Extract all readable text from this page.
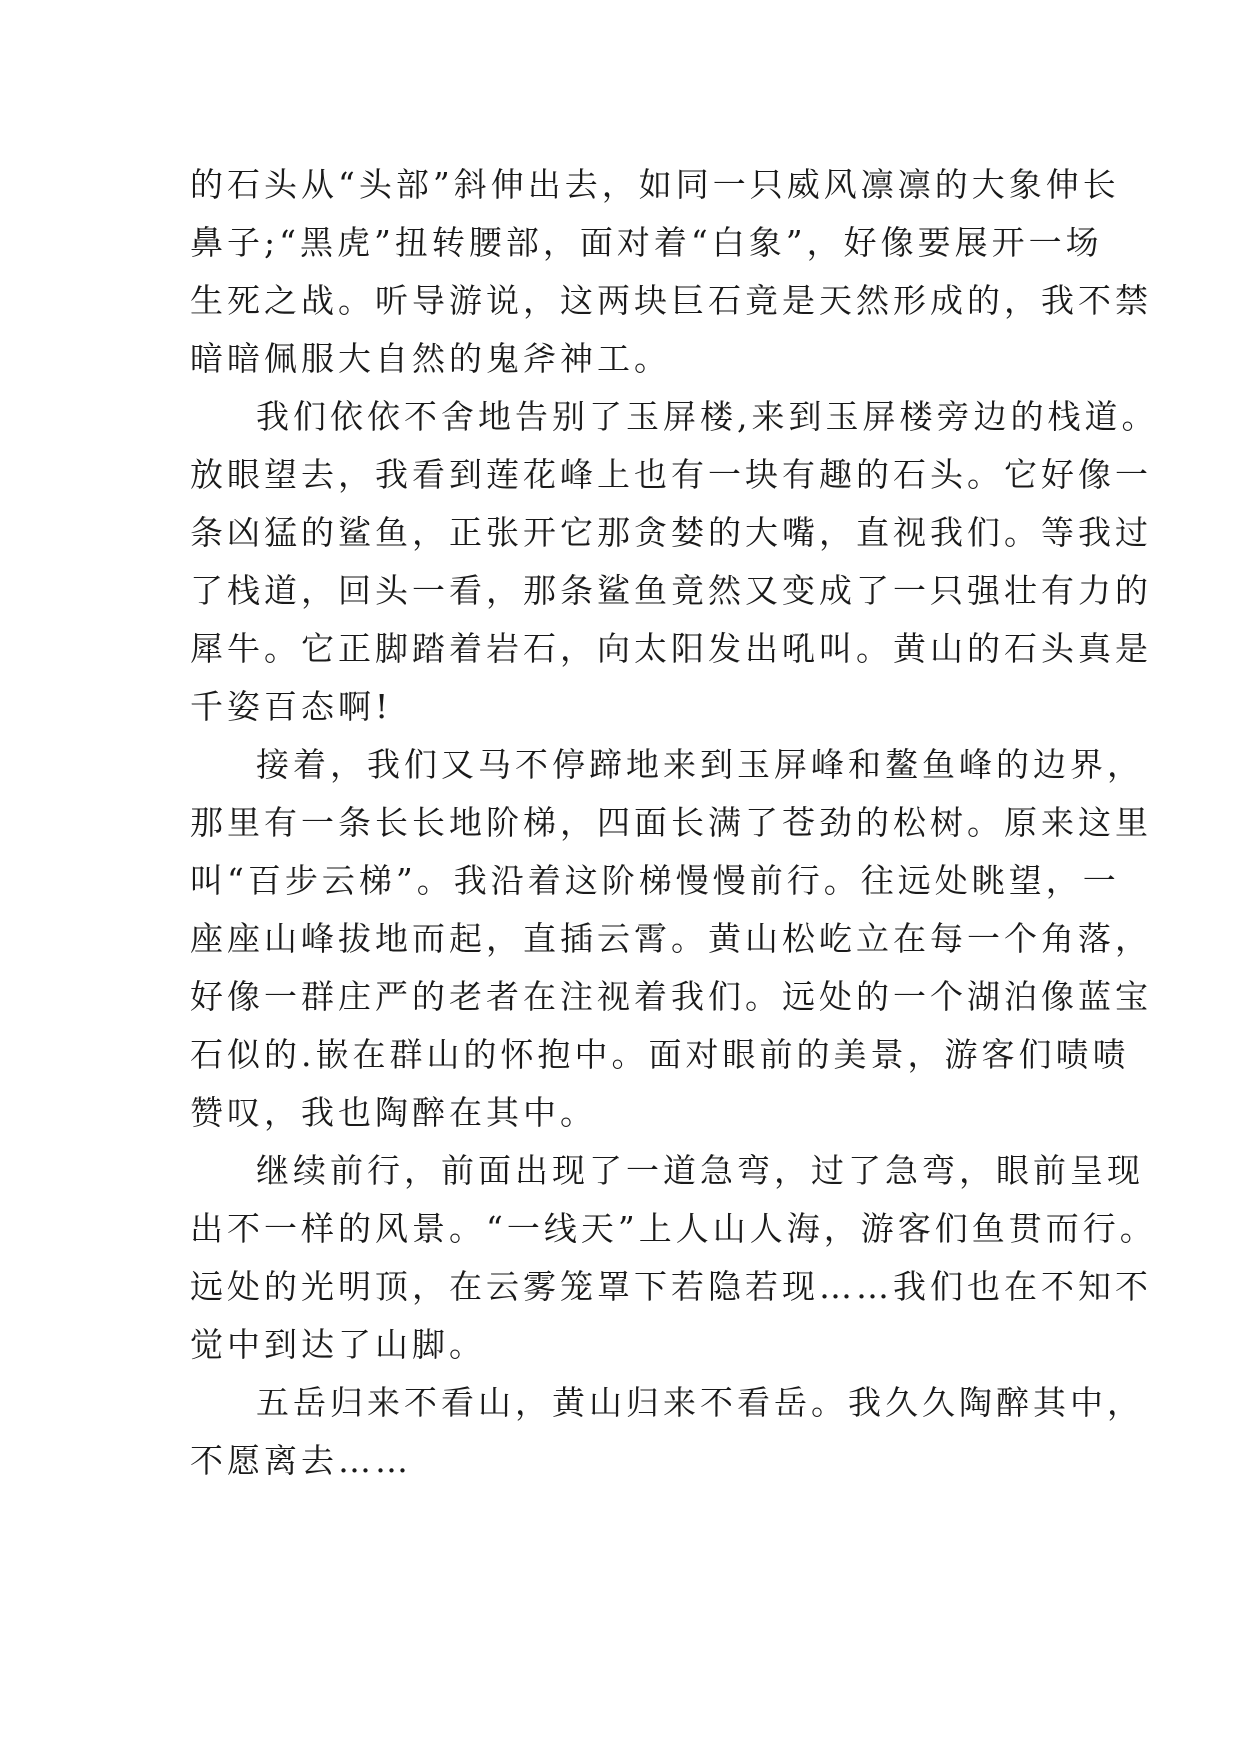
的石头从“头部”斜伸出去，如同一只威风凛凛的大象伸长
鼻子;“黑虎”扭转腰部，面对着“白象”，好像要展开一场
生死之战。听导游说，这两块巨石竟是天然形成的，我不禁
暗暗佩服大自然的鬼斧神工。
我们依依不舍地告别了玉屏楼,来到玉屏楼旁边的栈道。
放眼望去，我看到莲花峰上也有一块有趣的石头。它好像一
条凶猛的鲨鱼，正张开它那贪婪的大嘴，直视我们。等我过
了栈道，回头一看，那条鲨鱼竟然又变成了一只强壮有力的
犀牛。它正脚踏着岩石，向太阳发出吼叫。黄山的石头真是
千姿百态啊!
接着，我们又马不停蹄地来到玉屏峰和鳌鱼峰的边界，
那里有一条长长地阶梯，四面长满了苍劲的松树。原来这里
叫“百步云梯”。我沿着这阶梯慢慢前行。往远处眺望，一
座座山峰拔地而起，直插云霄。黄山松屹立在每一个角落，
好像一群庄严的老者在注视着我们。远处的一个湖泊像蓝宝
石似的.嵌在群山的怀抱中。面对眼前的美景，游客们啧啧
赞叹，我也陶醉在其中。
继续前行，前面出现了一道急弯，过了急弯，眼前呈现
出不一样的风景。“一线天”上人山人海，游客们鱼贯而行。
远处的光明顶，在云雾笼罩下若隐若现……我们也在不知不
觉中到达了山脚。
五岳归来不看山，黄山归来不看岳。我久久陶醉其中，
不愿离去……
